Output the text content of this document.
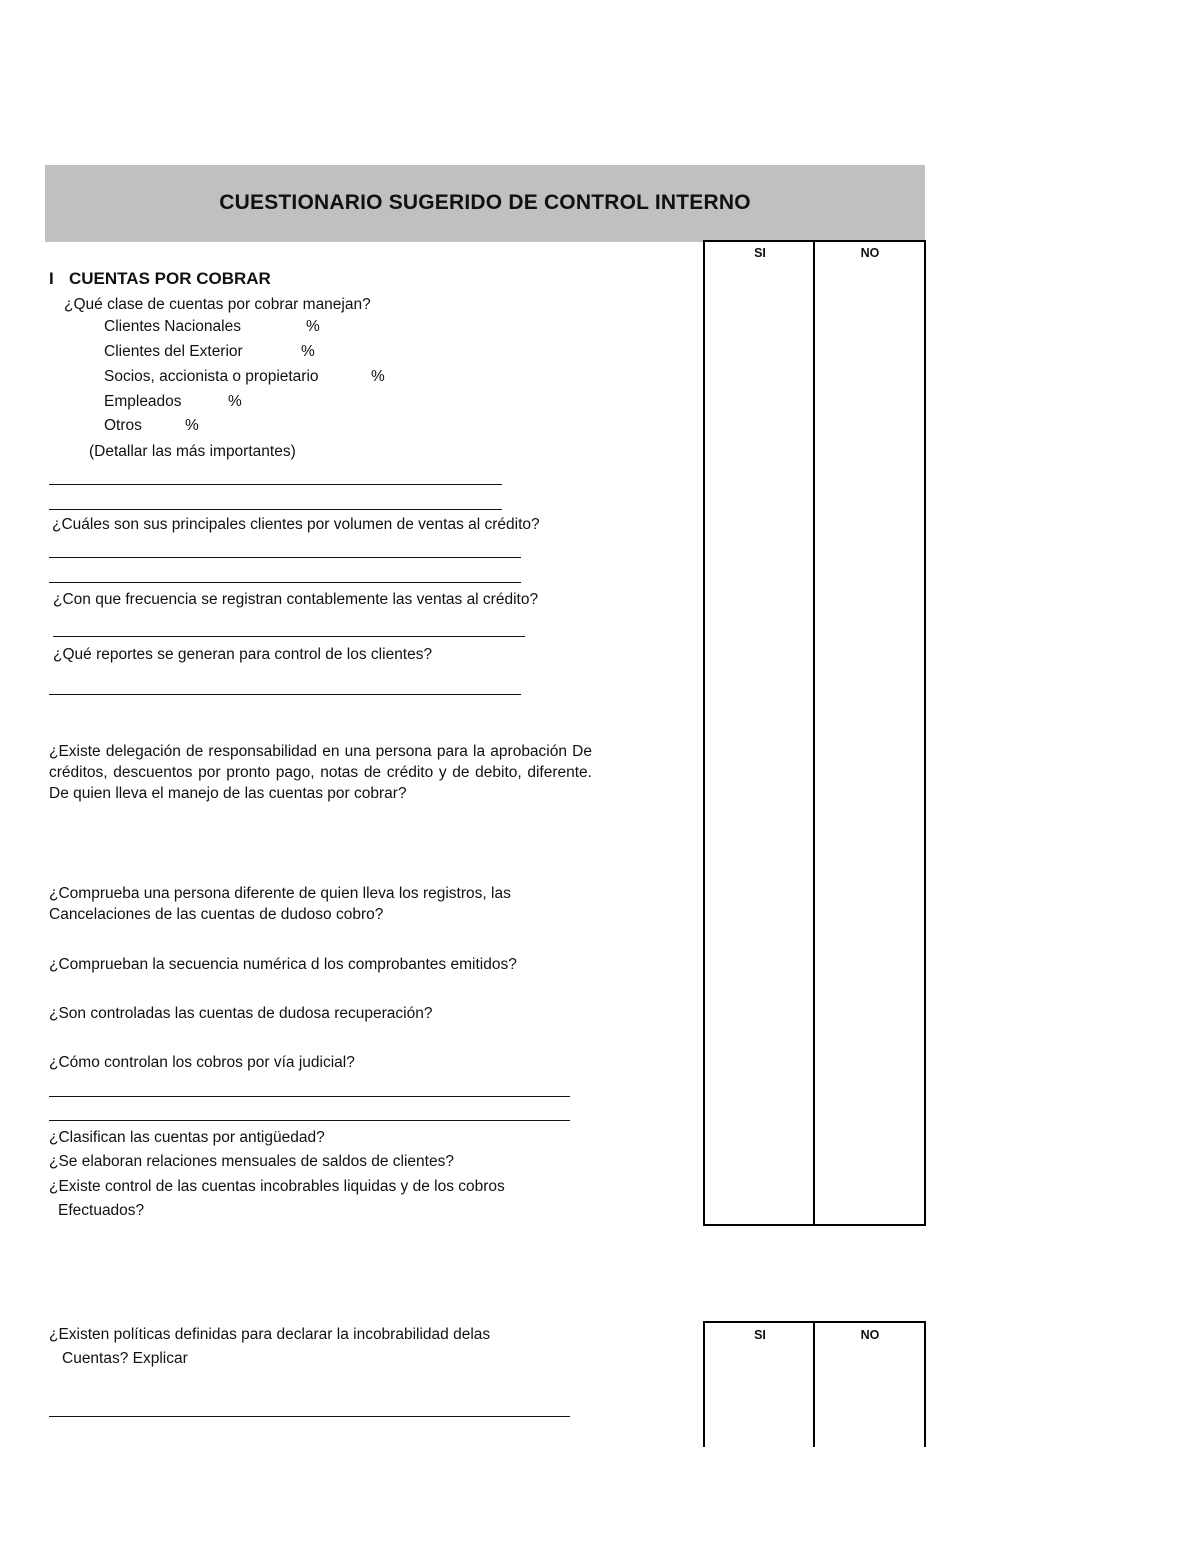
CUESTIONARIO SUGERIDO DE CONTROL INTERNO
SI	NO
I CUENTAS POR COBRAR
¿Qué clase de cuentas por cobrar manejan?
Clientes Nacionales	%
Clientes del Exterior	%
Socios, accionista o propietario	%
Empleados	%
Otros	%
(Detallar las más importantes)
¿Cuáles son sus principales clientes por volumen de ventas al crédito?
¿Con que frecuencia se registran contablemente las ventas al crédito?
¿Qué reportes se generan para control de los clientes?
¿Existe delegación de responsabilidad en una persona para la aprobación De créditos, descuentos por pronto pago, notas de crédito y de debito, diferente. De quien lleva el manejo de las cuentas por cobrar?
¿Comprueba una persona diferente de quien lleva los registros, las
Cancelaciones de las cuentas de dudoso cobro?
¿Comprueban la secuencia numérica d los comprobantes emitidos?
¿Son controladas las cuentas de dudosa recuperación?
¿Cómo controlan los cobros por vía judicial?
¿Clasifican las cuentas por antigüedad?
¿Se elaboran relaciones mensuales de saldos de clientes?
¿Existe control de las cuentas incobrables liquidas y de los cobros
Efectuados?
¿Existen políticas definidas para declarar la incobrabilidad delas
Cuentas? Explicar
SI	NO
